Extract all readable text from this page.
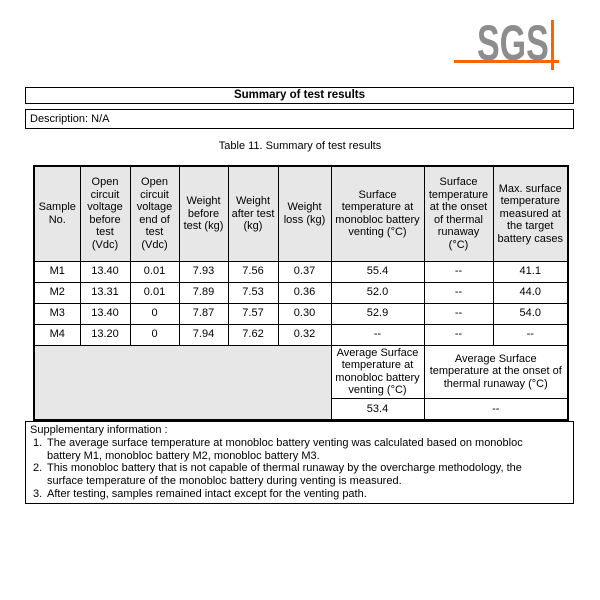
SGS
Summary of test results
Description: N/A
Table 11. Summary of test results
Sample No.	Open circuit voltage before test (Vdc)	Open circuit voltage end of test (Vdc)	Weight before test (kg)	Weight after test (kg)	Weight loss (kg)	Surface temperature at monobloc battery venting (°C)	Surface temperature at the onset of thermal runaway (°C)	Max. surface temperature measured at the target battery cases
M1	13.40	0.01	7.93	7.56	0.37	55.4	--	41.1
M2	13.31	0.01	7.89	7.53	0.36	52.0	--	44.0
M3	13.40	0	7.87	7.57	0.30	52.9	--	54.0
M4	13.20	0	7.94	7.62	0.32	--	--	--
						Average Surface temperature at monobloc battery venting (°C)	Average Surface temperature at the onset of thermal runaway (°C)	
						53.4	--	
Supplementary information :
1. The average surface temperature at monobloc battery venting was calculated based on monobloc battery M1, monobloc battery M2, monobloc battery M3.
2. This monobloc battery that is not capable of thermal runaway by the overcharge methodology, the surface temperature of the monobloc battery during venting is measured.
3. After testing, samples remained intact except for the venting path.
